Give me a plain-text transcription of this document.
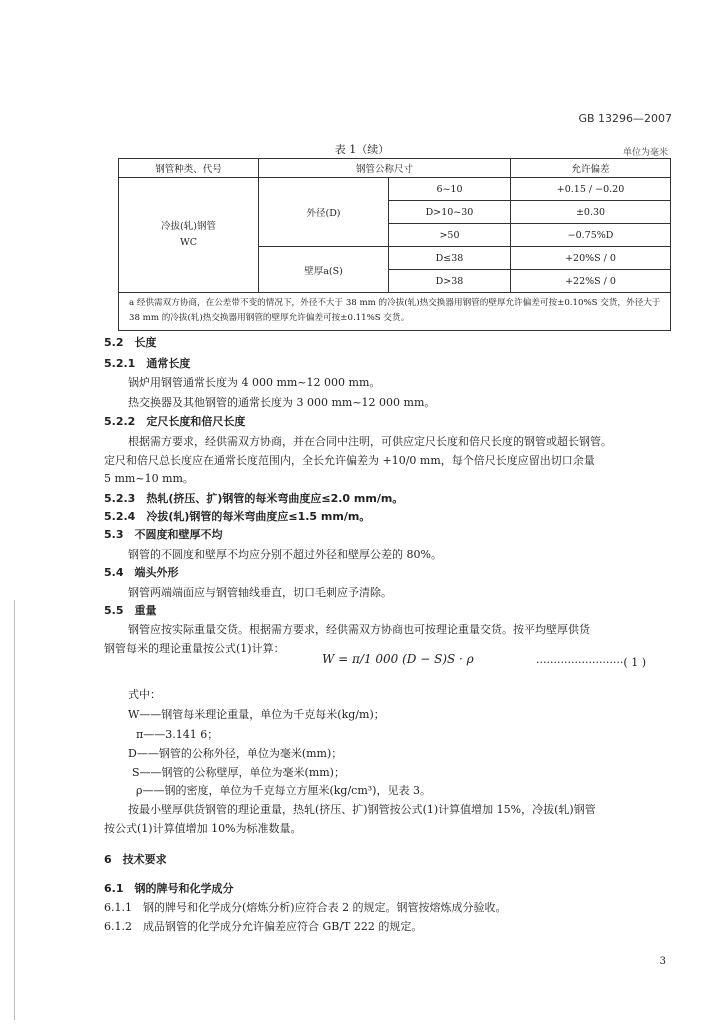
GB 13296—2007
表 1（续）	单位为毫米
钢管种类、代号	钢管公称尺寸		允许偏差

冷拔(轧)钢管
WC	外径(D)	6~10	+0.15 / −0.20
		D>10~30	±0.30
		>50	−0.75%D
	壁厚a(S)	D≤38	+20%S / 0
		D>38	+22%S / 0
a 经供需双方协商，在公差带不变的情况下，外径不大于 38 mm 的冷拔(轧)热交换器用钢管的壁厚允许偏差可按±0.10%S 交货，外径大于 38 mm 的冷拔(轧)热交换器用钢管的壁厚允许偏差可按±0.11%S 交货。			
5.2　长度
5.2.1　通常长度
锅炉用钢管通常长度为 4 000 mm~12 000 mm。
热交换器及其他钢管的通常长度为 3 000 mm~12 000 mm。
5.2.2　定尺长度和倍尺长度
根据需方要求，经供需双方协商，并在合同中注明，可供应定尺长度和倍尺长度的钢管或超长钢管。
定尺和倍尺总长度应在通常长度范围内，全长允许偏差为 +10/0 mm，每个倍尺长度应留出切口余量
5 mm~10 mm。
5.2.3　热轧(挤压、扩)钢管的每米弯曲度应≤2.0 mm/m。
5.2.4　冷拔(轧)钢管的每米弯曲度应≤1.5 mm/m。
5.3　不圆度和壁厚不均
钢管的不圆度和壁厚不均应分别不超过外径和壁厚公差的 80%。
5.4　端头外形
钢管两端端面应与钢管轴线垂直，切口毛刺应予清除。
5.5　重量
钢管应按实际重量交货。根据需方要求，经供需双方协商也可按理论重量交货。按平均壁厚供货
钢管每米的理论重量按公式(1)计算：
W = π/1 000 (D − S)S · ρ	·························( 1 )
式中：
W——钢管每米理论重量，单位为千克每米(kg/m)；
π——3.141 6；
D——钢管的公称外径，单位为毫米(mm)；
S——钢管的公称壁厚，单位为毫米(mm)；
ρ——钢的密度，单位为千克每立方厘米(kg/cm³)，见表 3。
按最小壁厚供货钢管的理论重量，热轧(挤压、扩)钢管按公式(1)计算值增加 15%，冷拔(轧)钢管
按公式(1)计算值增加 10%为标准数量。
6　技术要求
6.1　钢的牌号和化学成分
6.1.1　钢的牌号和化学成分(熔炼分析)应符合表 2 的规定。钢管按熔炼成分验收。
6.1.2　成品钢管的化学成分允许偏差应符合 GB/T 222 的规定。
3
